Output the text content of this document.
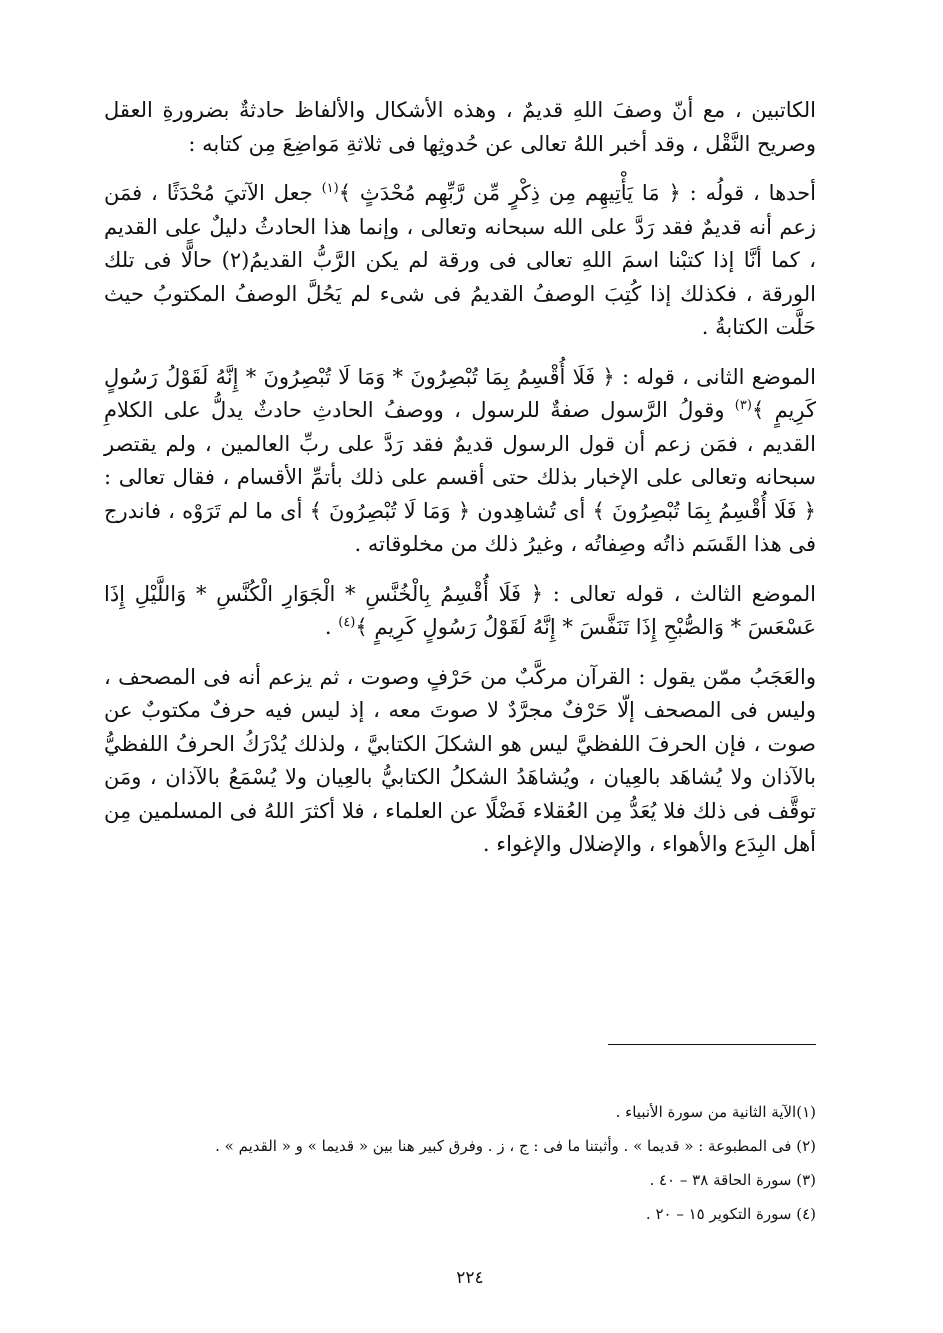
الكاتبين ، مع أنّ وصفَ اللهِ قديمٌ ، وهذه الأشكال والألفاظ حادثةٌ بضرورةِ العقل وصريح النَّقْل ، وقد أخبر اللهُ تعالى عن حُدوثِها فى ثلاثةِ مَواضِعَ مِن كتابه :

أحدها ، قولُه : ﴿ مَا يَأْتِيهِم مِن ذِكْرٍ مِّن رَّبِّهِم مُحْدَثٍ ﴾$^{(١)}$ جعل الآتيَ مُحْدَثًا ، فمَن زعم أنه قديمٌ فقد رَدَّ على الله سبحانه وتعالى ، وإنما هذا الحادثُ دليلٌ على القديم ، كما أنَّا إذا كتبْنا اسمَ اللهِ تعالى فى ورقة لم يكن الرَّبُّ القديمُ(٢) حالًّا فى تلك الورقة ، فكذلك إذا كُتِبَ الوصفُ القديمُ فى شىء لم يَحُلَّ الوصفُ المكتوبُ حيث حَلَّت الكتابةُ .

الموضع الثانى ، قوله : ﴿ فَلَا أُقْسِمُ بِمَا تُبْصِرُونَ * وَمَا لَا تُبْصِرُونَ * إِنَّهُ لَقَوْلُ رَسُولٍ كَرِيمٍ ﴾$^{(٣)}$ وقولُ الرَّسول صفةٌ للرسول ، ووصفُ الحادثِ حادثٌ يدلُّ على الكلامِ القديم ، فمَن زعم أن قول الرسول قديمٌ فقد رَدَّ على ربِّ العالمين ، ولم يقتصر سبحانه وتعالى على الإخبار بذلك حتى أقسم على ذلك بأتمِّ الأقسام ، فقال تعالى : ﴿ فَلَا أُقْسِمُ بِمَا تُبْصِرُونَ ﴾ أى تُشاهِدون ﴿ وَمَا لَا تُبْصِرُونَ ﴾ أى ما لم تَرَوْه ، فاندرج فى هذا القَسَم ذاتُه وصِفاتُه ، وغيرُ ذلك من مخلوقاته .

الموضع الثالث ، قوله تعالى : ﴿ فَلَا أُقْسِمُ بِالْخُنَّسِ * الْجَوَارِ الْكُنَّسِ * وَاللَّيْلِ إِذَا عَسْعَسَ * وَالصُّبْحِ إِذَا تَنَفَّسَ * إِنَّهُ لَقَوْلُ رَسُولٍ كَرِيمٍ ﴾$^{(٤)}$ .

والعَجَبُ ممّن يقول : القرآن مركَّبٌ من حَرْفٍ وصوت ، ثم يزعم أنه فى المصحف ، وليس فى المصحف إلّا حَرْفٌ مجرَّدٌ لا صوتَ معه ، إذ ليس فيه حرفٌ مكتوبٌ عن صوت ، فإن الحرفَ اللفظيَّ ليس هو الشكلَ الكتابيَّ ، ولذلك يُدْرَكُ الحرفُ اللفظيُّ بالآذان ولا يُشاهَد بالعِيان ، ويُشاهَدُ الشكلُ الكتابيُّ بالعِيان ولا يُسْمَعُ بالآذان ، ومَن توقَّف فى ذلك فلا يُعَدُّ مِن العُقلاء فَضْلًا عن العلماء ، فلا أكثرَ اللهُ فى المسلمين مِن أهل البِدَع والأهواء ، والإضلال والإغواء .

(١)الآية الثانية من سورة الأنبياء .
(٢) فى المطبوعة : « قديما » . وأثبتنا ما فى : ج ، ز . وفرق كبير هنا بين « قديما » و « القديم » .
(٣) سورة الحاقة ٣٨ – ٤٠ .
(٤) سورة التكوير ١٥ – ٢٠ .
٢٢٤
